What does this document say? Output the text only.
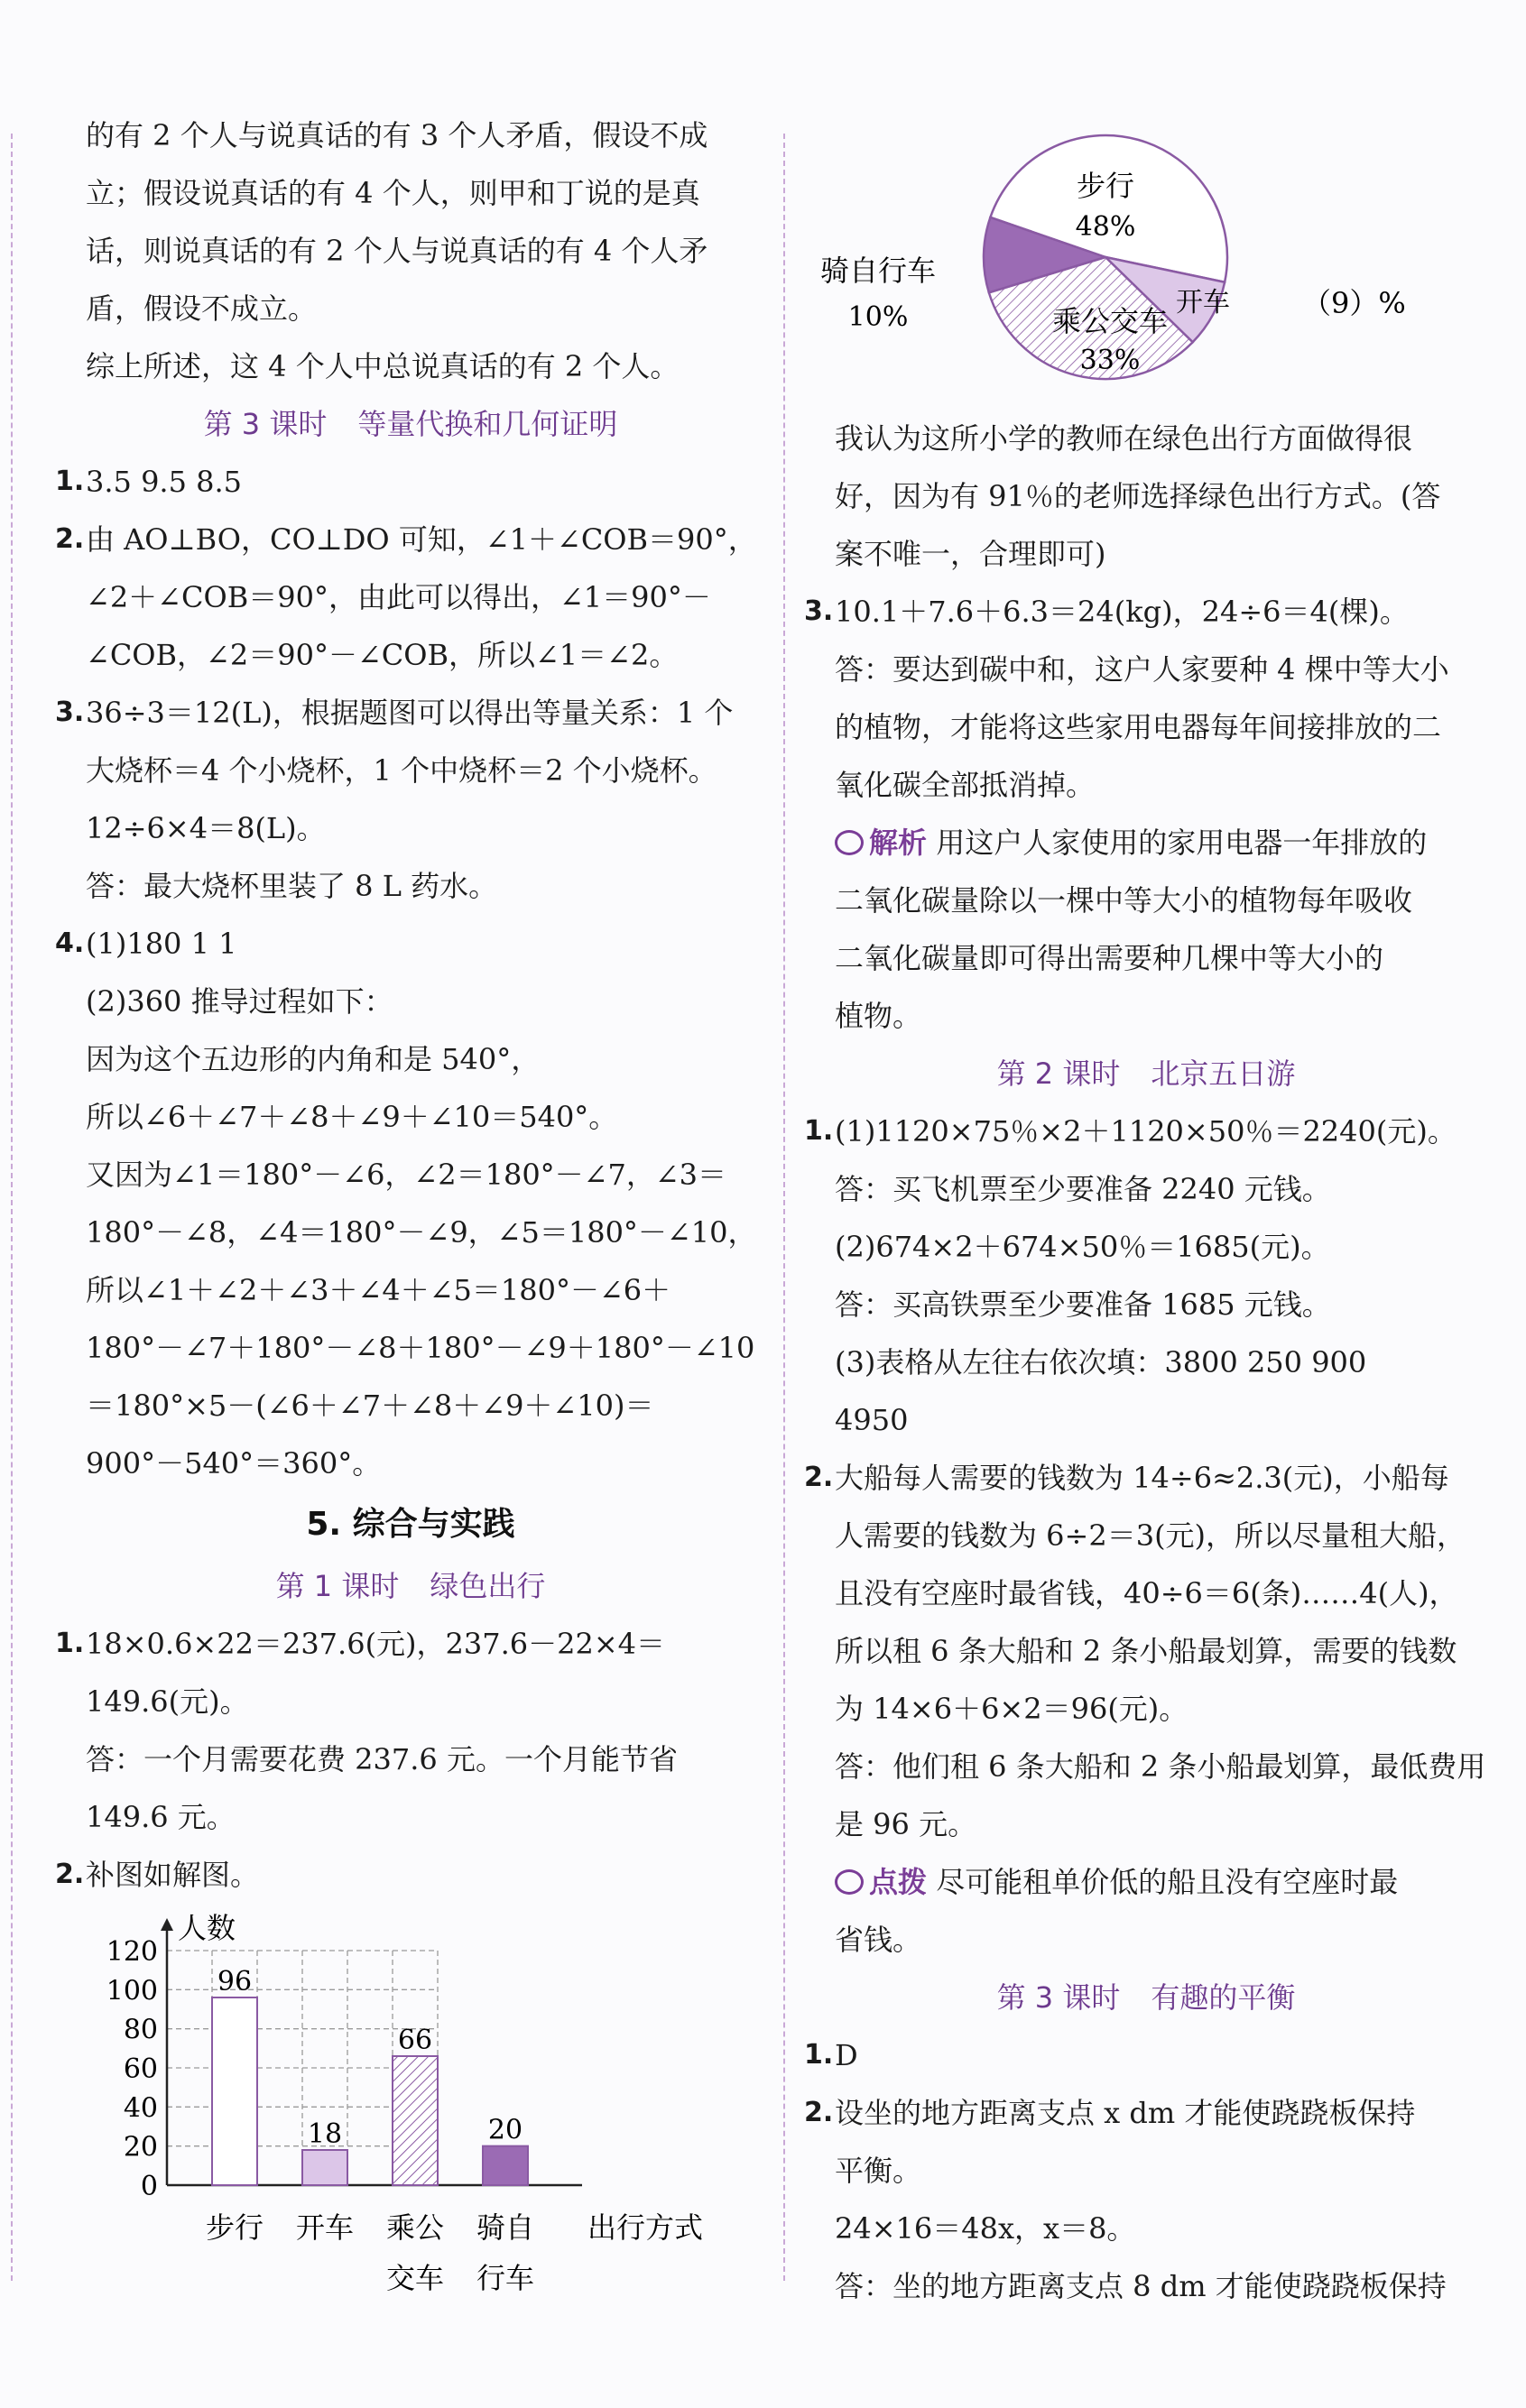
的有 2 个人与说真话的有 3 个人矛盾，假设不成
立；假设说真话的有 4 个人，则甲和丁说的是真
话，则说真话的有 2 个人与说真话的有 4 个人矛
盾，假设不成立。
综上所述，这 4 个人中总说真话的有 2 个人。
第 3 课时 等量代换和几何证明
1. 3.5 9.5 8.5
2. 由 AO⊥BO，CO⊥DO 可知，∠1＋∠COB＝90°，
∠2＋∠COB＝90°，由此可以得出，∠1＝90°－
∠COB，∠2＝90°－∠COB，所以∠1＝∠2。
3. 36÷3＝12(L)，根据题图可以得出等量关系：1 个
大烧杯＝4 个小烧杯，1 个中烧杯＝2 个小烧杯。
12÷6×4＝8(L)。
答：最大烧杯里装了 8 L 药水。
4. (1)180 1 1
(2)360 推导过程如下：
因为这个五边形的内角和是 540°，
所以∠6＋∠7＋∠8＋∠9＋∠10＝540°。
又因为∠1＝180°－∠6，∠2＝180°－∠7，∠3＝
180°－∠8，∠4＝180°－∠9，∠5＝180°－∠10，
所以∠1＋∠2＋∠3＋∠4＋∠5＝180°－∠6＋
180°－∠7＋180°－∠8＋180°－∠9＋180°－∠10
＝180°×5－(∠6＋∠7＋∠8＋∠9＋∠10)＝
900°－540°＝360°。
5. 综合与实践
第 1 课时 绿色出行
1. 18×0.6×22＝237.6(元)，237.6－22×4＝
149.6(元)。
答：一个月需要花费 237.6 元。一个月能节省
149.6 元。
2. 补图如解图。
0
20
40
60
80
100
120
人数
出行方式
96
步行
18
开车
66
乘公
交车
20
骑自
行车
步行
48%
开车
乘公交车
33%
骑自行车
10%	（9）%
我认为这所小学的教师在绿色出行方面做得很
好，因为有 91％的老师选择绿色出行方式。(答
案不唯一，合理即可)
3. 10.1＋7.6＋6.3＝24(kg)，24÷6＝4(棵)。
答：要达到碳中和，这户人家要种 4 棵中等大小
的植物，才能将这些家用电器每年间接排放的二
氧化碳全部抵消掉。
解析 用这户人家使用的家用电器一年排放的
二氧化碳量除以一棵中等大小的植物每年吸收
二氧化碳量即可得出需要种几棵中等大小的
植物。
第 2 课时 北京五日游
1. (1)1120×75％×2＋1120×50％＝2240(元)。
答：买飞机票至少要准备 2240 元钱。
(2)674×2＋674×50％＝1685(元)。
答：买高铁票至少要准备 1685 元钱。
(3)表格从左往右依次填：3800 250 900
4950
2. 大船每人需要的钱数为 14÷6≈2.3(元)，小船每
人需要的钱数为 6÷2＝3(元)，所以尽量租大船，
且没有空座时最省钱，40÷6＝6(条)……4(人)，
所以租 6 条大船和 2 条小船最划算，需要的钱数
为 14×6＋6×2＝96(元)。
答：他们租 6 条大船和 2 条小船最划算，最低费用
是 96 元。
点拨 尽可能租单价低的船且没有空座时最
省钱。
第 3 课时 有趣的平衡
1. D
2. 设坐的地方距离支点 x dm 才能使跷跷板保持
平衡。
24×16＝48x，x＝8。
答：坐的地方距离支点 8 dm 才能使跷跷板保持
